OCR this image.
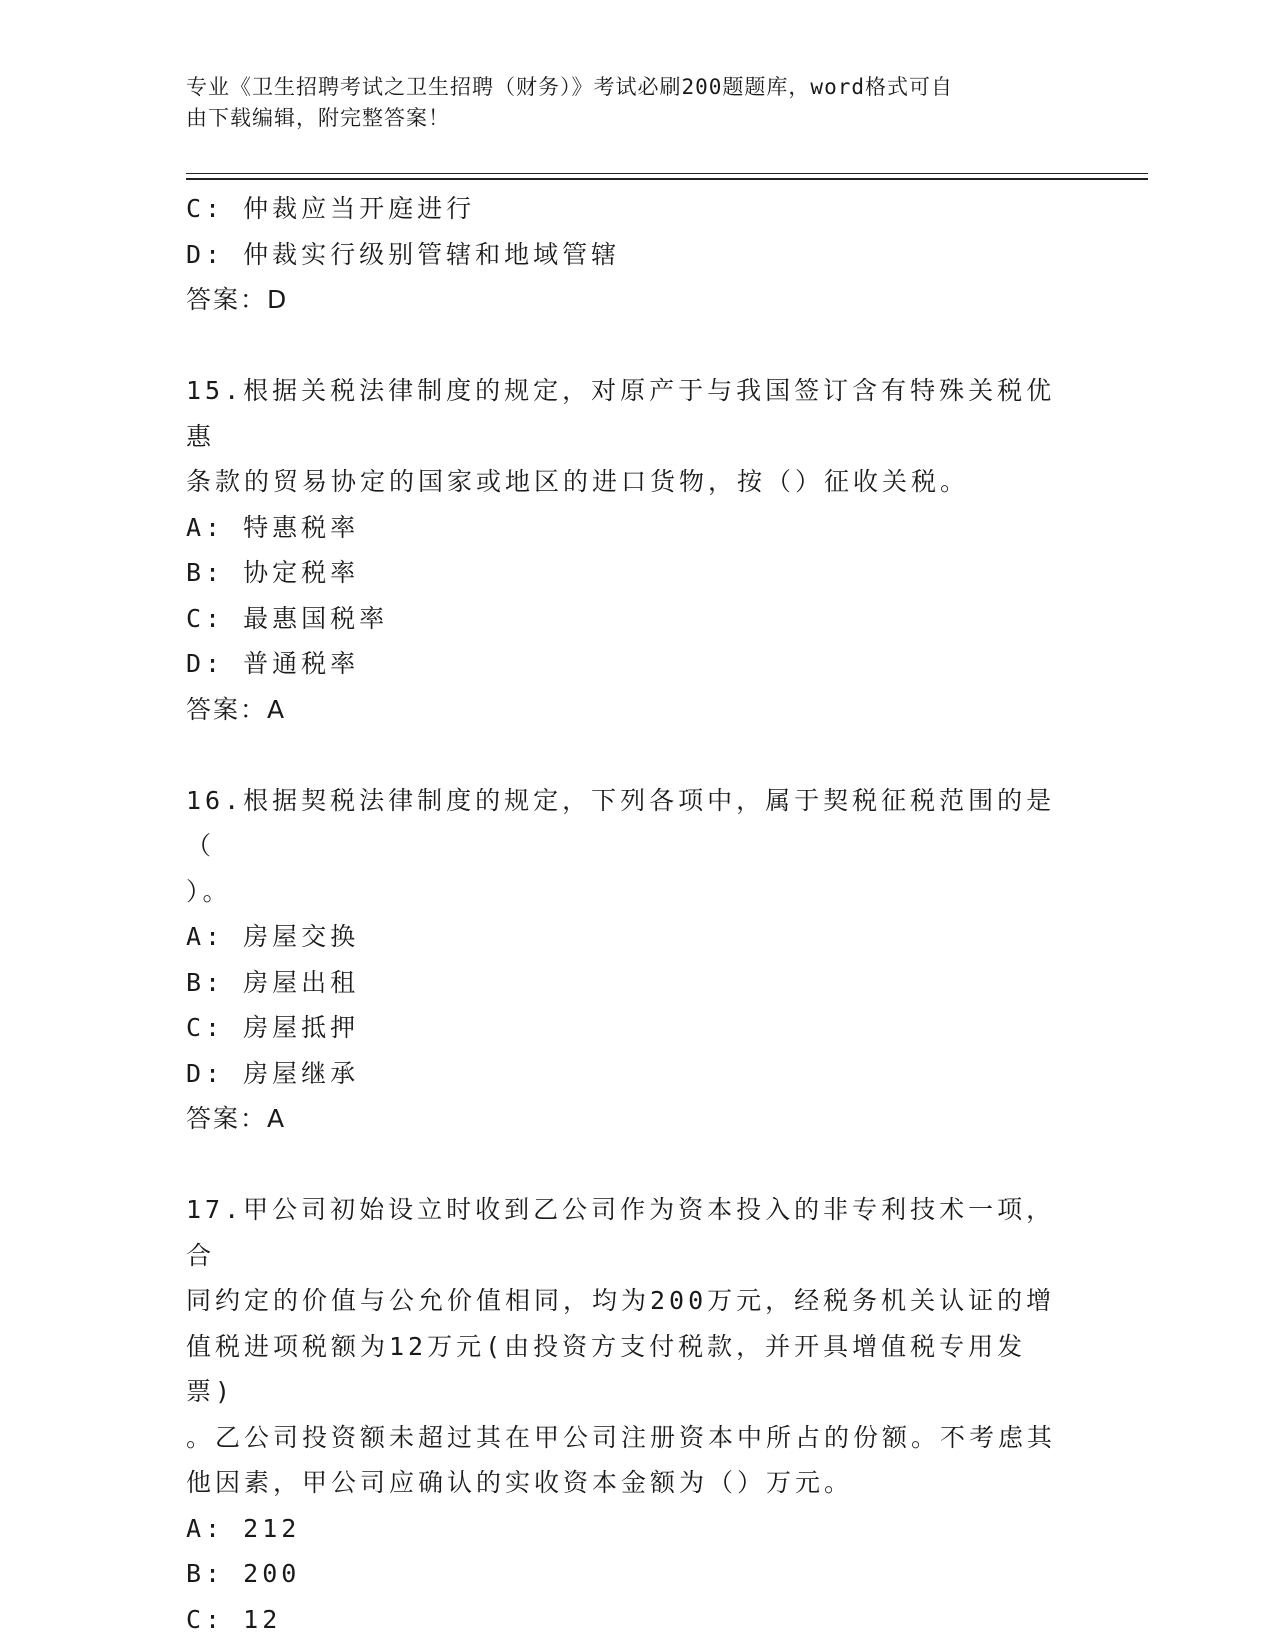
专业《卫生招聘考试之卫生招聘（财务）》考试必刷200题题库，word格式可自
由下载编辑，附完整答案！
C: 仲裁应当开庭进行
D: 仲裁实行级别管辖和地域管辖
答案：D
15.根据关税法律制度的规定，对原产于与我国签订含有特殊关税优惠
条款的贸易协定的国家或地区的进口货物，按（）征收关税。
A: 特惠税率
B: 协定税率
C: 最惠国税率
D: 普通税率
答案：A
16.根据契税法律制度的规定，下列各项中，属于契税征税范围的是（
）。
A: 房屋交换
B: 房屋出租
C: 房屋抵押
D: 房屋继承
答案：A
17.甲公司初始设立时收到乙公司作为资本投入的非专利技术一项，合
同约定的价值与公允价值相同，均为200万元，经税务机关认证的增
值税进项税额为12万元(由投资方支付税款，并开具增值税专用发票)
。乙公司投资额未超过其在甲公司注册资本中所占的份额。不考虑其
他因素，甲公司应确认的实收资本金额为（）万元。
A: 212
B: 200
C: 12
